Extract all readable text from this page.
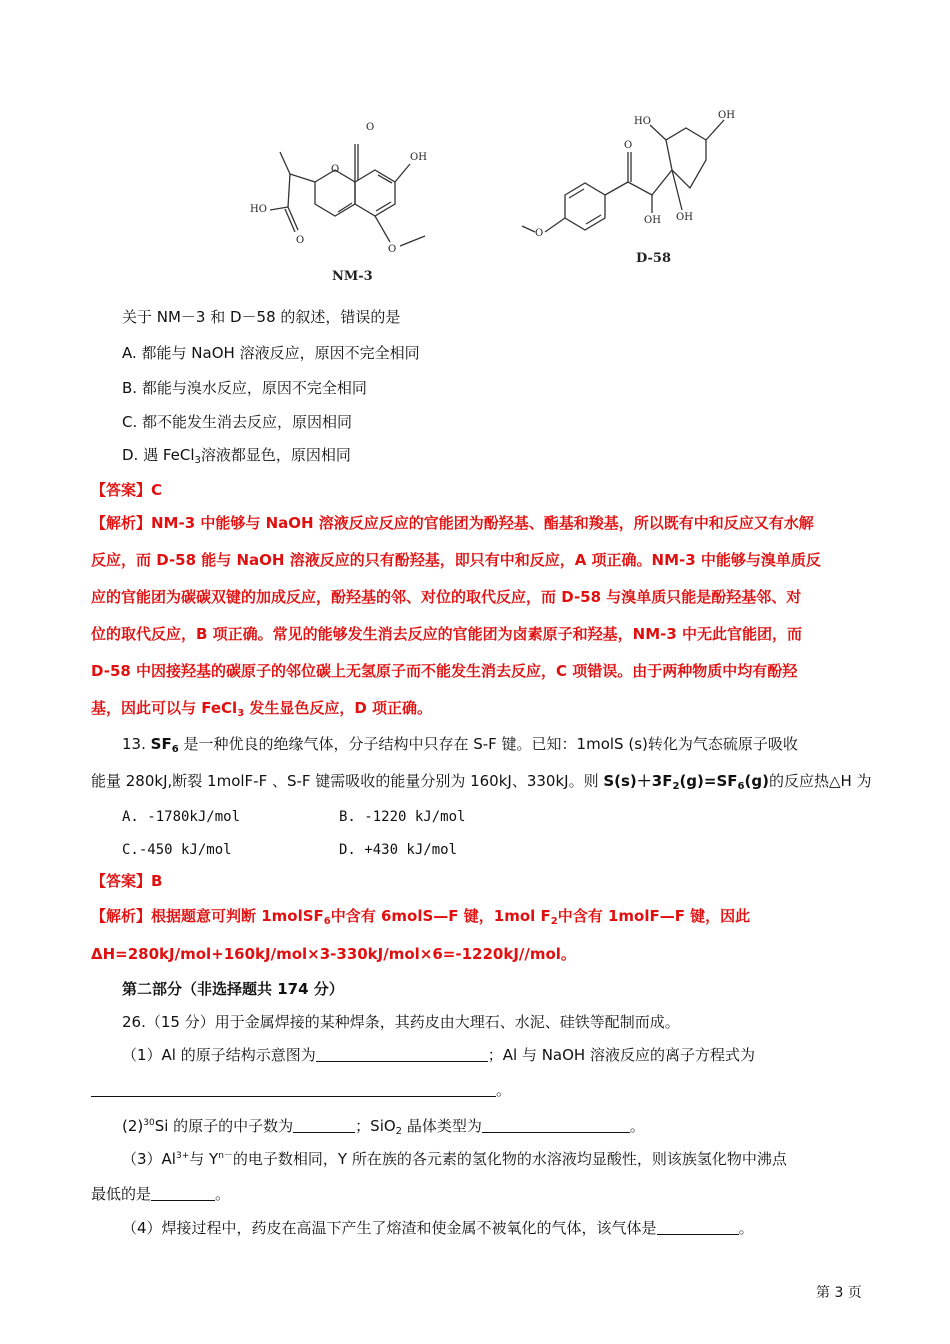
O
O
OH
HO
O
O
NM-3
O
HO
OH
OH OH
O
D-58
关于 NM－3 和 D－58 的叙述，错误的是
A. 都能与 NaOH 溶液反应，原因不完全相同
B. 都能与溴水反应，原因不完全相同
C. 都不能发生消去反应，原因相同
D. 遇 FeCl$_3$溶液都显色，原因相同
【答案】C
【解析】NM-3 中能够与 NaOH 溶液反应反应的官能团为酚羟基、酯基和羧基，所以既有中和反应又有水解
反应，而 D-58 能与 NaOH 溶液反应的只有酚羟基，即只有中和反应，A 项正确。NM-3 中能够与溴单质反
应的官能团为碳碳双键的加成反应，酚羟基的邻、对位的取代反应，而 D-58 与溴单质只能是酚羟基邻、对
位的取代反应，B 项正确。常见的能够发生消去反应的官能团为卤素原子和羟基，NM-3 中无此官能团，而
D-58 中因接羟基的碳原子的邻位碳上无氢原子而不能发生消去反应，C 项错误。由于两种物质中均有酚羟
基，因此可以与 FeCl$_3$ 发生显色反应，D 项正确。
13. $SF_6$ 是一种优良的绝缘气体，分子结构中只存在 S-F 键。已知：1molS (s)转化为气态硫原子吸收
能量 280kJ,断裂 1molF-F 、S-F 键需吸收的能量分别为 160kJ、330kJ。则 $S(s)+3F_2(g)=SF_6(g)$的反应热△H 为
A. -1780kJ/mol	B. -1220 kJ/mol
C.-450 kJ/mol	D. +430 kJ/mol
【答案】B
【解析】根据题意可判断 1molSF$_6$中含有 6molS—F 键，1mol $F_2$中含有 1molF—F 键，因此
ΔH=280kJ/mol+160kJ/mol×3-330kJ/mol×6=-1220kJ//mol。
第二部分（非选择题共 174 分）
26.（15 分）用于金属焊接的某种焊条，其药皮由大理石、水泥、硅铁等配制而成。
（1）Al 的原子结构示意图为	；Al 与 NaOH 溶液反应的离子方程式为
。
$(2)^{30}Si$ 的原子的中子数为	；SiO$_2$ 晶体类型为	。
$(3)Al^{3+}$与 $Y^{n-}$的电子数相同，Y 所在族的各元素的氢化物的水溶液均显酸性，则该族氢化物中沸点
最低的是	。
（4）焊接过程中，药皮在高温下产生了熔渣和使金属不被氧化的气体，该气体是	。
第 3 页
